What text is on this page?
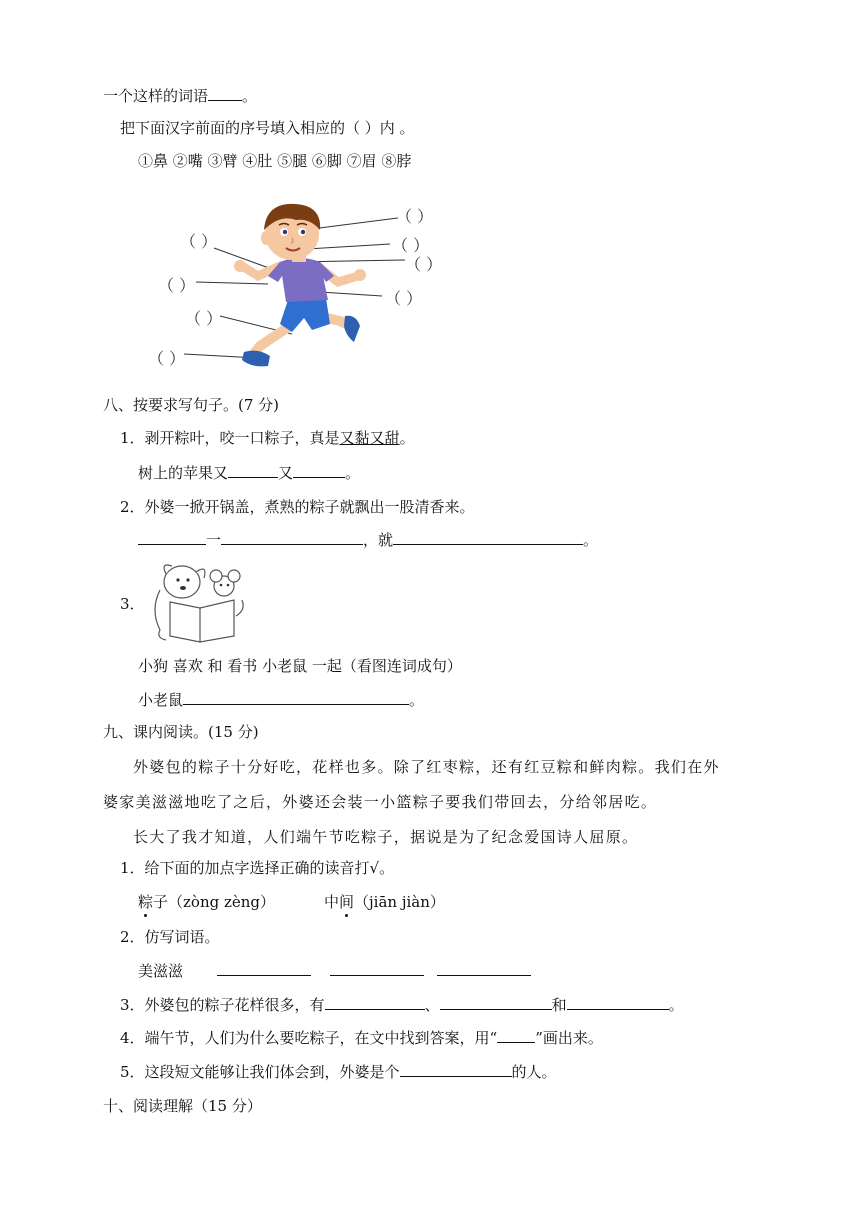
一个这样的词语 。
把下面汉字前面的序号填入相应的（ ）内 。
①鼻 ②嘴 ③臂 ④肚 ⑤腿 ⑥脚 ⑦眉 ⑧脖
（ ）
（ ）	（ ）
（ ）
（ ）
（ ）
（ ）
（ ）
八、按要求写句子。(7 分)
1．剥开粽叶，咬一口粽子，真是又黏又甜。
树上的苹果又	又	。
2．外婆一掀开锅盖，煮熟的粽子就飘出一股清香来。
一	，就	。
3．
小狗 喜欢 和 看书 小老鼠 一起（看图连词成句）
小老鼠	。
九、课内阅读。(15 分)
外婆包的粽子十分好吃，花样也多。除了红枣粽，还有红豆粽和鲜肉粽。我们在外
婆家美滋滋地吃了之后，外婆还会装一小篮粽子要我们带回去，分给邻居吃。
长大了我才知道，人们端午节吃粽子，据说是为了纪念爱国诗人屈原。
1．给下面的加点字选择正确的读音打√。
粽子（zòng zèng）	中间（jiān jiàn）
2．仿写词语。
美滋滋

3．外婆包的粽子花样很多，有	、	和	。
4．端午节，人们为什么要吃粽子，在文中找到答案，用“	”画出来。
5．这段短文能够让我们体会到，外婆是个	的人。
十、阅读理解（15 分）
